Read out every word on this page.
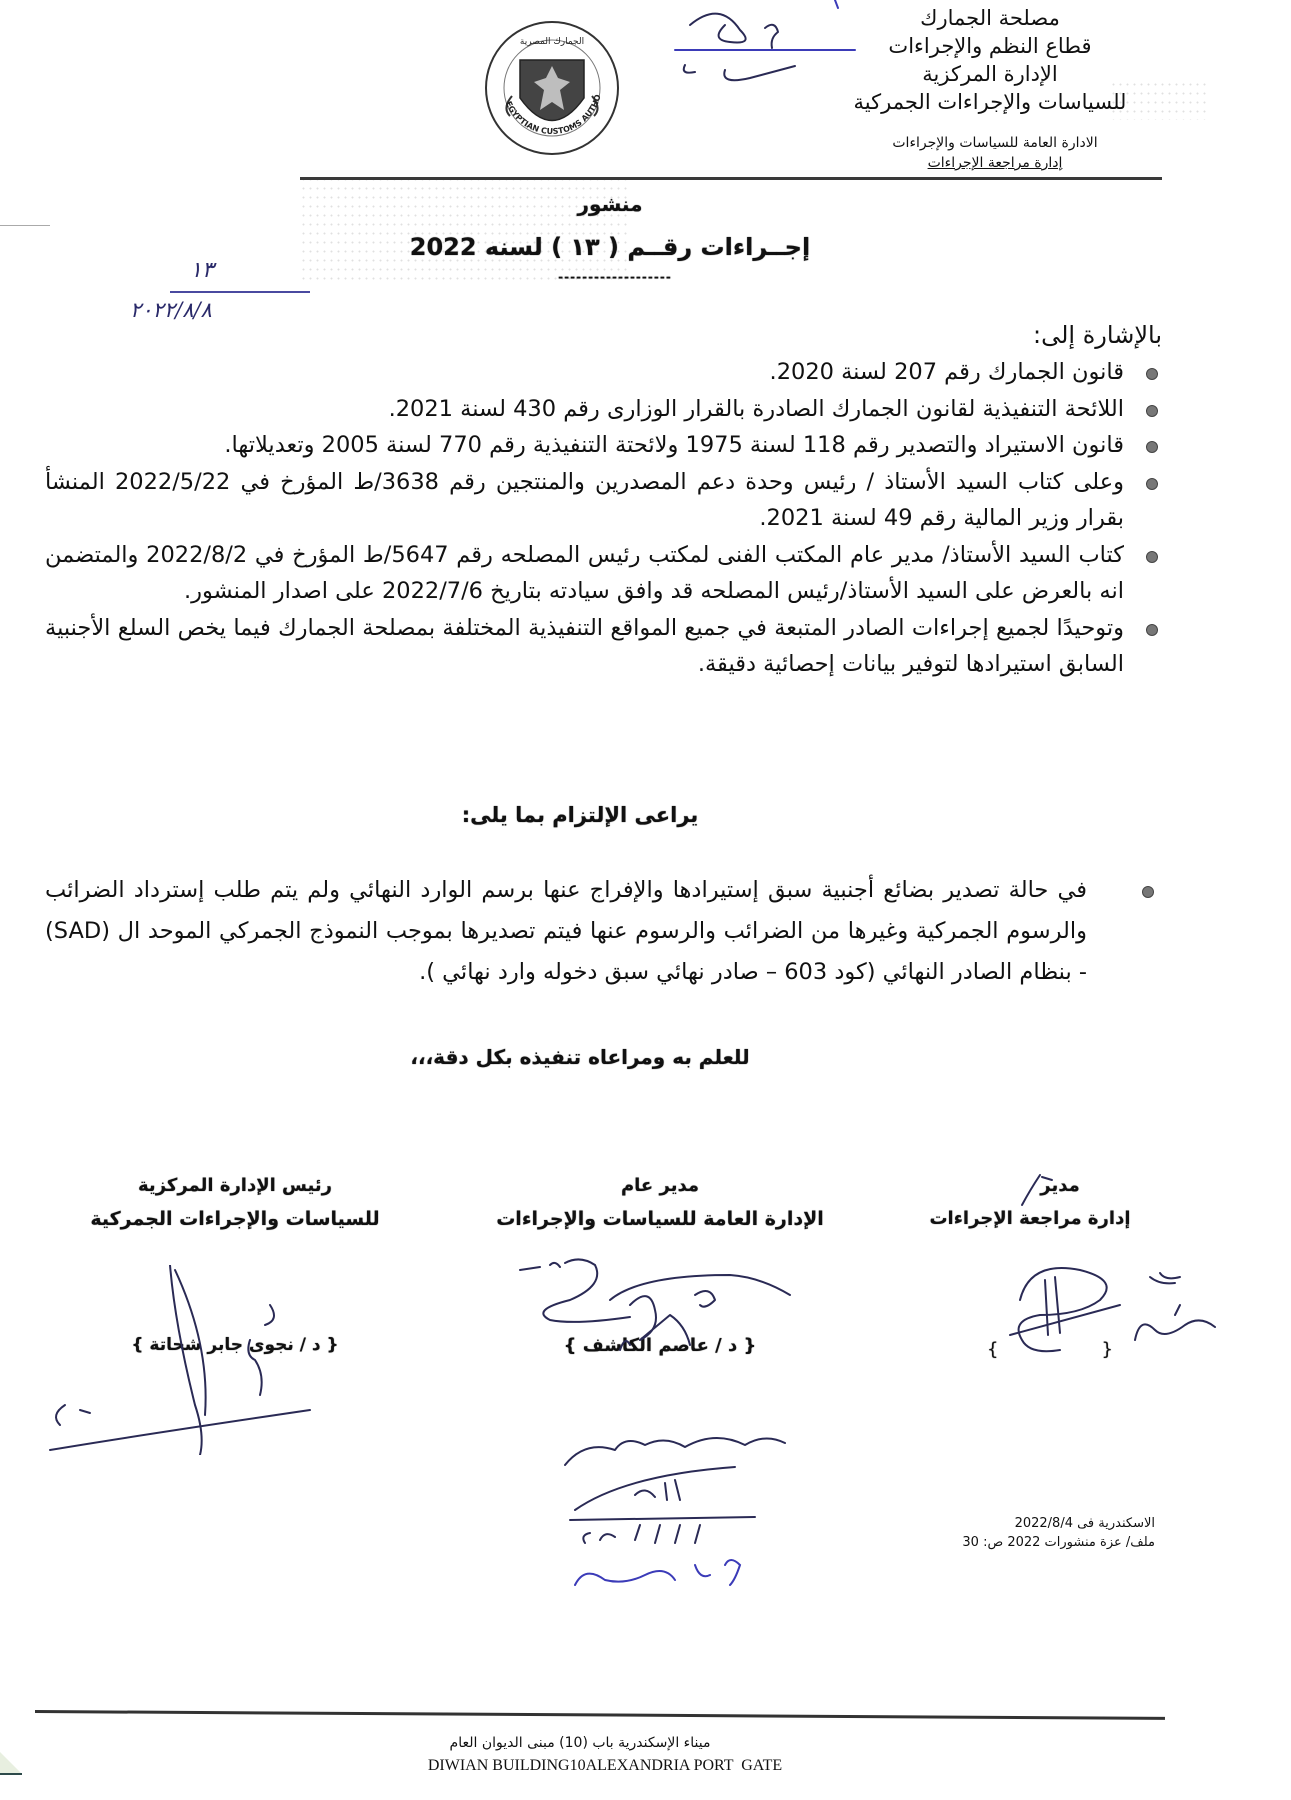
مصلحة الجمارك
قطاع النظم والإجراءات
الإدارة المركزية
للسياسات والإجراءات الجمركية
الادارة العامة للسياسات والإجراءات
إدارة مراجعة الإجراءات
الجمارك المصرية
EGYPTIAN CUSTOMS AUTHO
منشور
إجــراءات رقــم ( ١٣ ) لسنه 2022
-------------------
١٣
٢٠٢٢/٨/٨
بالإشارة إلى:
قانون الجمارك رقم 207 لسنة 2020.
اللائحة التنفيذية لقانون الجمارك الصادرة بالقرار الوزارى رقم 430 لسنة 2021.
قانون الاستيراد والتصدير رقم 118 لسنة 1975 ولائحتة التنفيذية رقم 770 لسنة 2005 وتعديلاتها.
وعلى كتاب السيد الأستاذ / رئيس وحدة دعم المصدرين والمنتجين رقم 3638/ط المؤرخ في 2022/5/22 المنشأ بقرار وزير المالية رقم 49 لسنة 2021.
كتاب السيد الأستاذ/ مدير عام المكتب الفنى لمكتب رئيس المصلحه رقم 5647/ط المؤرخ في 2022/8/2 والمتضمن انه بالعرض على السيد الأستاذ/رئيس المصلحه قد وافق سيادته بتاريخ 2022/7/6 على اصدار المنشور.
وتوحيدًا لجميع إجراءات الصادر المتبعة في جميع المواقع التنفيذية المختلفة بمصلحة الجمارك فيما يخص السلع الأجنبية السابق استيرادها لتوفير بيانات إحصائية دقيقة.
يراعى الإلتزام بما يلى:
في حالة تصدير بضائع أجنبية سبق إستيرادها والإفراج عنها برسم الوارد النهائي ولم يتم طلب إسترداد الضرائب والرسوم الجمركية وغيرها من الضرائب والرسوم عنها فيتم تصديرها بموجب النموذج الجمركي الموحد ال (SAD) - بنظام الصادر النهائي (كود 603 – صادر نهائي سبق دخوله وارد نهائي ).
للعلم به ومراعاه تنفيذه بكل دقة،،،
مدير
إدارة مراجعة الإجراءات
{                  }
مدير عام
الإدارة العامة للسياسات والإجراءات
{ د / عاصم الكاشف }
رئيس الإدارة المركزية
للسياسات والإجراءات الجمركية
{ د / نجوى جابر شحاتة }
الاسكندرية فى 2022/8/4
ملف/ عزة منشورات 2022 ص: 30
ميناء الإسكندرية باب (10) مبنى الديوان العام
DIWIAN BUILDING10ALEXANDRIA PORT  GATE
